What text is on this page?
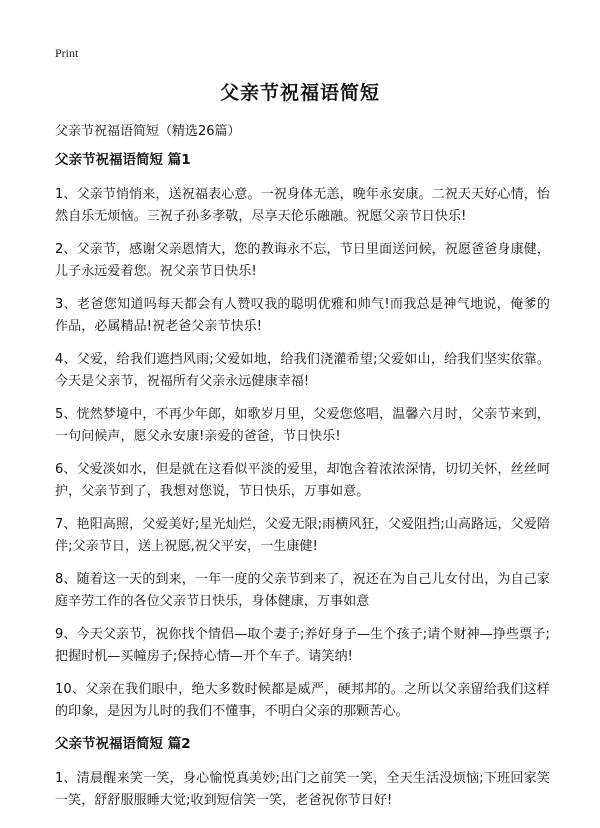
Print
父亲节祝福语简短
父亲节祝福语简短（精选26篇）
父亲节祝福语简短 篇1

1、父亲节悄悄来，送祝福表心意。一祝身体无恙，晚年永安康。二祝天天好心情，怡然自乐无烦恼。三祝子孙多孝敬，尽享天伦乐融融。祝愿父亲节日快乐!

2、父亲节，感谢父亲恩情大，您的教诲永不忘，节日里面送问候，祝愿爸爸身康健，儿子永远爱着您。祝父亲节日快乐!

3、老爸您知道吗每天都会有人赞叹我的聪明优雅和帅气!而我总是神气地说，俺爹的作品，必属精品!祝老爸父亲节快乐!

4、父爱，给我们遮挡风雨;父爱如地，给我们浇灌希望;父爱如山，给我们坚实依靠。今天是父亲节，祝福所有父亲永远健康幸福!

5、恍然梦境中，不再少年郎，如歌岁月里，父爱您悠唱，温馨六月时，父亲节来到，一句问候声，愿父永安康!亲爱的爸爸，节日快乐!

6、父爱淡如水，但是就在这看似平淡的爱里，却饱含着浓浓深情，切切关怀，丝丝呵护，父亲节到了，我想对您说，节日快乐，万事如意。

7、艳阳高照，父爱美好;星光灿烂，父爱无限;雨横风狂，父爱阻挡;山高路远，父爱陪伴;父亲节日，送上祝愿,祝父平安，一生康健!

8、随着这一天的到来，一年一度的父亲节到来了，祝还在为自己儿女付出，为自己家庭辛劳工作的各位父亲节日快乐，身体健康，万事如意

9、今天父亲节，祝你找个情侣—取个妻子;养好身子—生个孩子;请个财神—挣些票子;把握时机—买幢房子;保持心情—开个车子。请笑纳!

10、父亲在我们眼中，绝大多数时候都是威严，硬邦邦的。之所以父亲留给我们这样的印象，是因为儿时的我们不懂事，不明白父亲的那颗苦心。

父亲节祝福语简短 篇2

1、清晨醒来笑一笑，身心愉悦真美妙;出门之前笑一笑，全天生活没烦恼;下班回家笑一笑，舒舒服服睡大觉;收到短信笑一笑，老爸祝你节日好!
